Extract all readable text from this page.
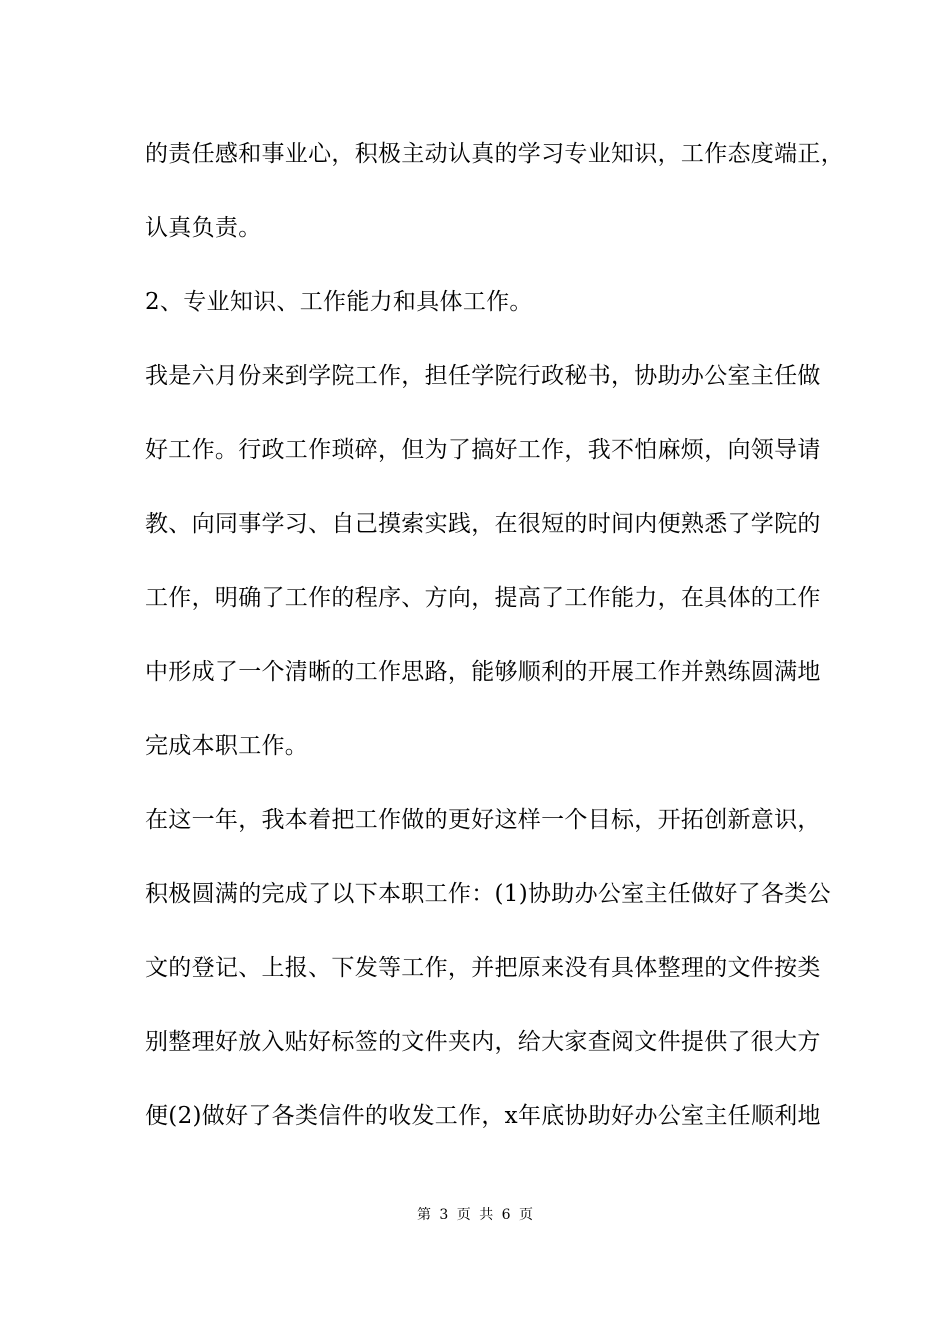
的责任感和事业心，积极主动认真的学习专业知识，工作态度端正，
认真负责。
2、专业知识、工作能力和具体工作。
我是六月份来到学院工作，担任学院行政秘书，协助办公室主任做
好工作。行政工作琐碎，但为了搞好工作，我不怕麻烦，向领导请
教、向同事学习、自己摸索实践，在很短的时间内便熟悉了学院的
工作，明确了工作的程序、方向，提高了工作能力，在具体的工作
中形成了一个清晰的工作思路，能够顺利的开展工作并熟练圆满地
完成本职工作。
在这一年，我本着把工作做的更好这样一个目标，开拓创新意识，
积极圆满的完成了以下本职工作：(1)协助办公室主任做好了各类公
文的登记、上报、下发等工作，并把原来没有具体整理的文件按类
别整理好放入贴好标签的文件夹内，给大家查阅文件提供了很大方
便(2)做好了各类信件的收发工作，x年底协助好办公室主任顺利地
第 3 页 共 6 页
